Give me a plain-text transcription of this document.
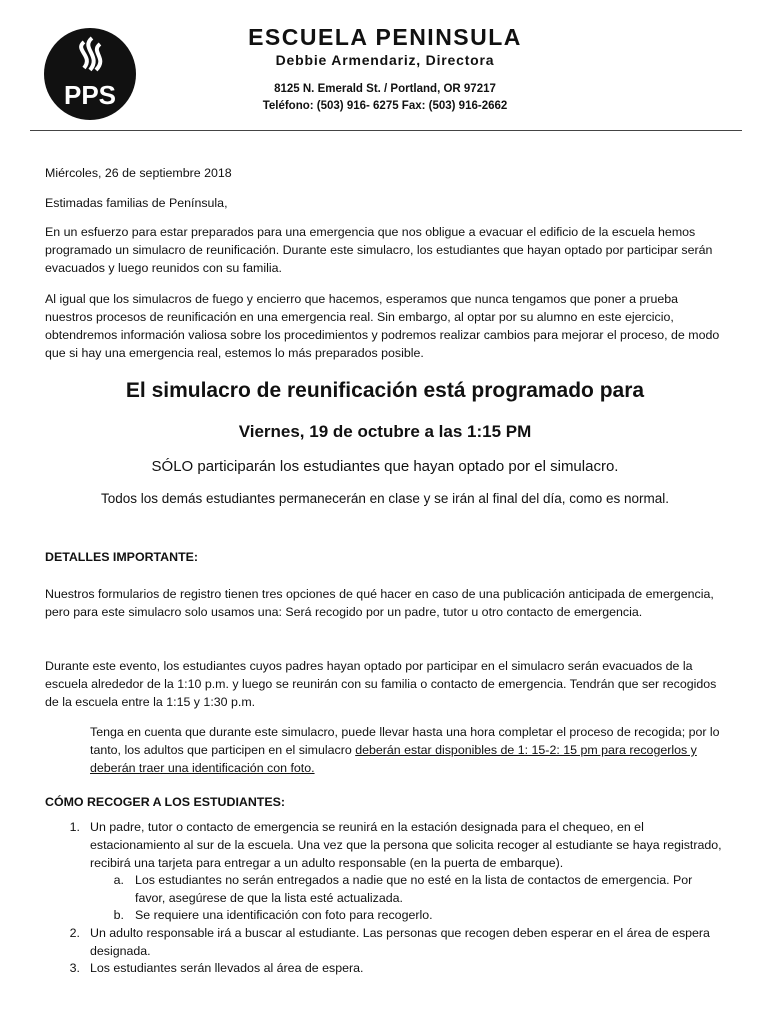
PPS
ESCUELA PENINSULA
Debbie Armendariz, Directora
8125 N. Emerald St. / Portland, OR 97217
Teléfono: (503) 916- 6275 Fax: (503) 916-2662
Miércoles, 26 de septiembre 2018
Estimadas familias de Península,
En un esfuerzo para estar preparados para una emergencia que nos obligue a evacuar el edificio de la escuela hemos programado un simulacro de reunificación. Durante este simulacro, los estudiantes que hayan optado por participar serán evacuados y luego reunidos con su familia.
Al igual que los simulacros de fuego y encierro que hacemos, esperamos que nunca tengamos que poner a prueba nuestros procesos de reunificación en una emergencia real. Sin embargo, al optar por su alumno en este ejercicio, obtendremos información valiosa sobre los procedimientos y podremos realizar cambios para mejorar el proceso, de modo que si hay una emergencia real, estemos lo más preparados posible.
El simulacro de reunificación está programado para
Viernes, 19 de octubre a las 1:15 PM
SÓLO participarán los estudiantes que hayan optado por el simulacro.
Todos los demás estudiantes permanecerán en clase y se irán al final del día, como es normal.
DETALLES IMPORTANTE:
Nuestros formularios de registro tienen tres opciones de qué hacer en caso de una publicación anticipada de emergencia, pero para este simulacro solo usamos una: Será recogido por un padre, tutor u otro contacto de emergencia.
Durante este evento, los estudiantes cuyos padres hayan optado por participar en el simulacro serán evacuados de la escuela alrededor de la 1:10 p.m. y luego se reunirán con su familia o contacto de emergencia. Tendrán que ser recogidos de la escuela entre la 1:15 y 1:30 p.m.
Tenga en cuenta que durante este simulacro, puede llevar hasta una hora completar el proceso de recogida; por lo tanto, los adultos que participen en el simulacro deberán estar disponibles de 1: 15-2: 15 pm para recogerlos y deberán traer una identificación con foto.
CÓMO RECOGER A LOS ESTUDIANTES:
1. Un padre, tutor o contacto de emergencia se reunirá en la estación designada para el chequeo, en el estacionamiento al sur de la escuela. Una vez que la persona que solicita recoger al estudiante se haya registrado, recibirá una tarjeta para entregar a un adulto responsable (en la puerta de embarque).
a. Los estudiantes no serán entregados a nadie que no esté en la lista de contactos de emergencia. Por favor, asegúrese de que la lista esté actualizada.
b. Se requiere una identificación con foto para recogerlo.
2. Un adulto responsable irá a buscar al estudiante. Las personas que recogen deben esperar en el área de espera designada.
3. Los estudiantes serán llevados al área de espera.
